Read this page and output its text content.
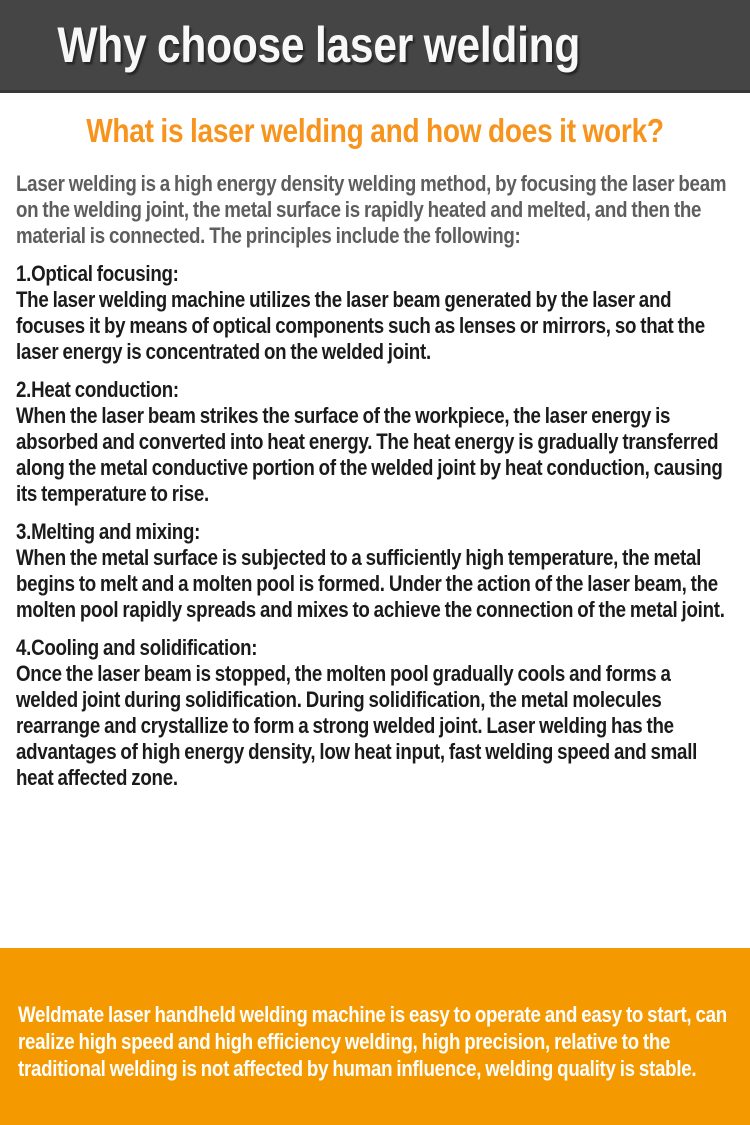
Why choose laser welding
What is laser welding and how does it work?

Laser welding is a high energy density welding method, by focusing the laser beam on the welding joint, the metal surface is rapidly heated and melted, and then the material is connected. The principles include the following:

1.Optical focusing:
The laser welding machine utilizes the laser beam generated by the laser and focuses it by means of optical components such as lenses or mirrors, so that the laser energy is concentrated on the welded joint.
2.Heat conduction:
When the laser beam strikes the surface of the workpiece, the laser energy is absorbed and converted into heat energy. The heat energy is gradually transferred along the metal conductive portion of the welded joint by heat conduction, causing its temperature to rise.
3.Melting and mixing:
When the metal surface is subjected to a sufficiently high temperature, the metal begins to melt and a molten pool is formed. Under the action of the laser beam, the molten pool rapidly spreads and mixes to achieve the connection of the metal joint.
4.Cooling and solidification:
Once the laser beam is stopped, the molten pool gradually cools and forms a welded joint during solidification. During solidification, the metal molecules rearrange and crystallize to form a strong welded joint. Laser welding has the advantages of high energy density, low heat input, fast welding speed and small heat affected zone.

Weldmate laser handheld welding machine is easy to operate and easy to start, can realize high speed and high efficiency welding, high precision, relative to the traditional welding is not affected by human influence, welding quality is stable.
